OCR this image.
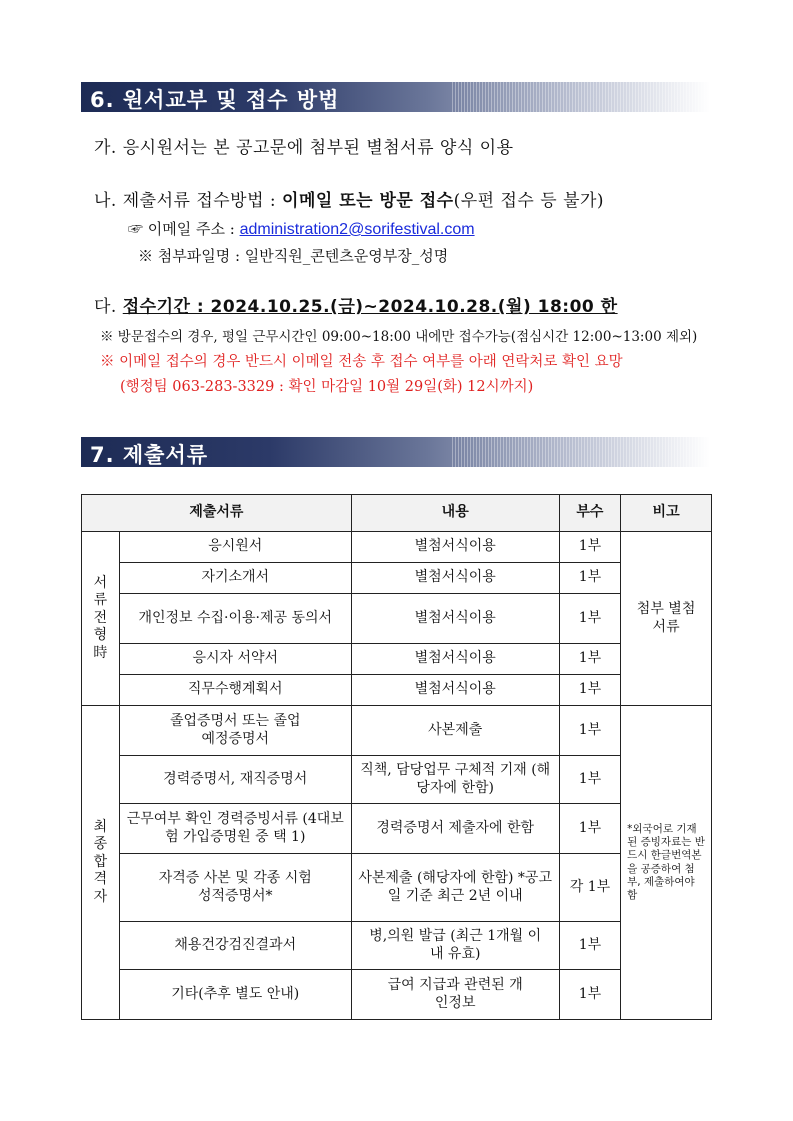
6. 원서교부 및 접수 방법
가. 응시원서는 본 공고문에 첨부된 별첨서류 양식 이용
나. 제출서류 접수방법 : 이메일 또는 방문 접수(우편 접수 등 불가)
☞ 이메일 주소 : administration2@sorifestival.com
※ 첨부파일명 : 일반직원_콘텐츠운영부장_성명
다. 접수기간 : 2024.10.25.(금)~2024.10.28.(월) 18:00 한
※ 방문접수의 경우, 평일 근무시간인 09:00~18:00 내에만 접수가능(점심시간 12:00~13:00 제외)
※ 이메일 접수의 경우 반드시 이메일 전송 후 접수 여부를 아래 연락처로 확인 요망
(행정팀 063-283-3329 : 확인 마감일 10월 29일(화) 12시까지)
7. 제출서류
제출서류		내용	부수	비고

서류전형時	응시원서	별첨서식이용	1부	첨부 별첨서류

	자기소개서	별첨서식이용	1부	

	개인정보 수집·이용·제공 동의서	별첨서식이용	1부	
	응시자 서약서	별첨서식이용	1부	
	직무수행계획서	별첨서식이용	1부	

최종합격자	졸업증명서 또는 졸업예정증명서	사본제출	1부	*외국어로 기재된 증빙자료는 반드시 한글번역본을 공증하여 첨부, 제출하여야 함
	경력증명서, 재직증명서	직책, 담당업무 구체적 기재 (해당자에 한함)	1부	

	근무여부 확인 경력증빙서류 (4대보험 가입증명원 중 택 1)	경력증명서 제출자에 한함	1부	

	자격증 사본 및 각종 시험 성적증명서*	사본제출 (해당자에 한함) *공고일 기준 최근 2년 이내	각 1부	
	채용건강검진결과서	병,의원 발급 (최근 1개월 이내 유효)	1부	
	기타(추후 별도 안내)	급여 지급과 관련된 개인정보	1부	
